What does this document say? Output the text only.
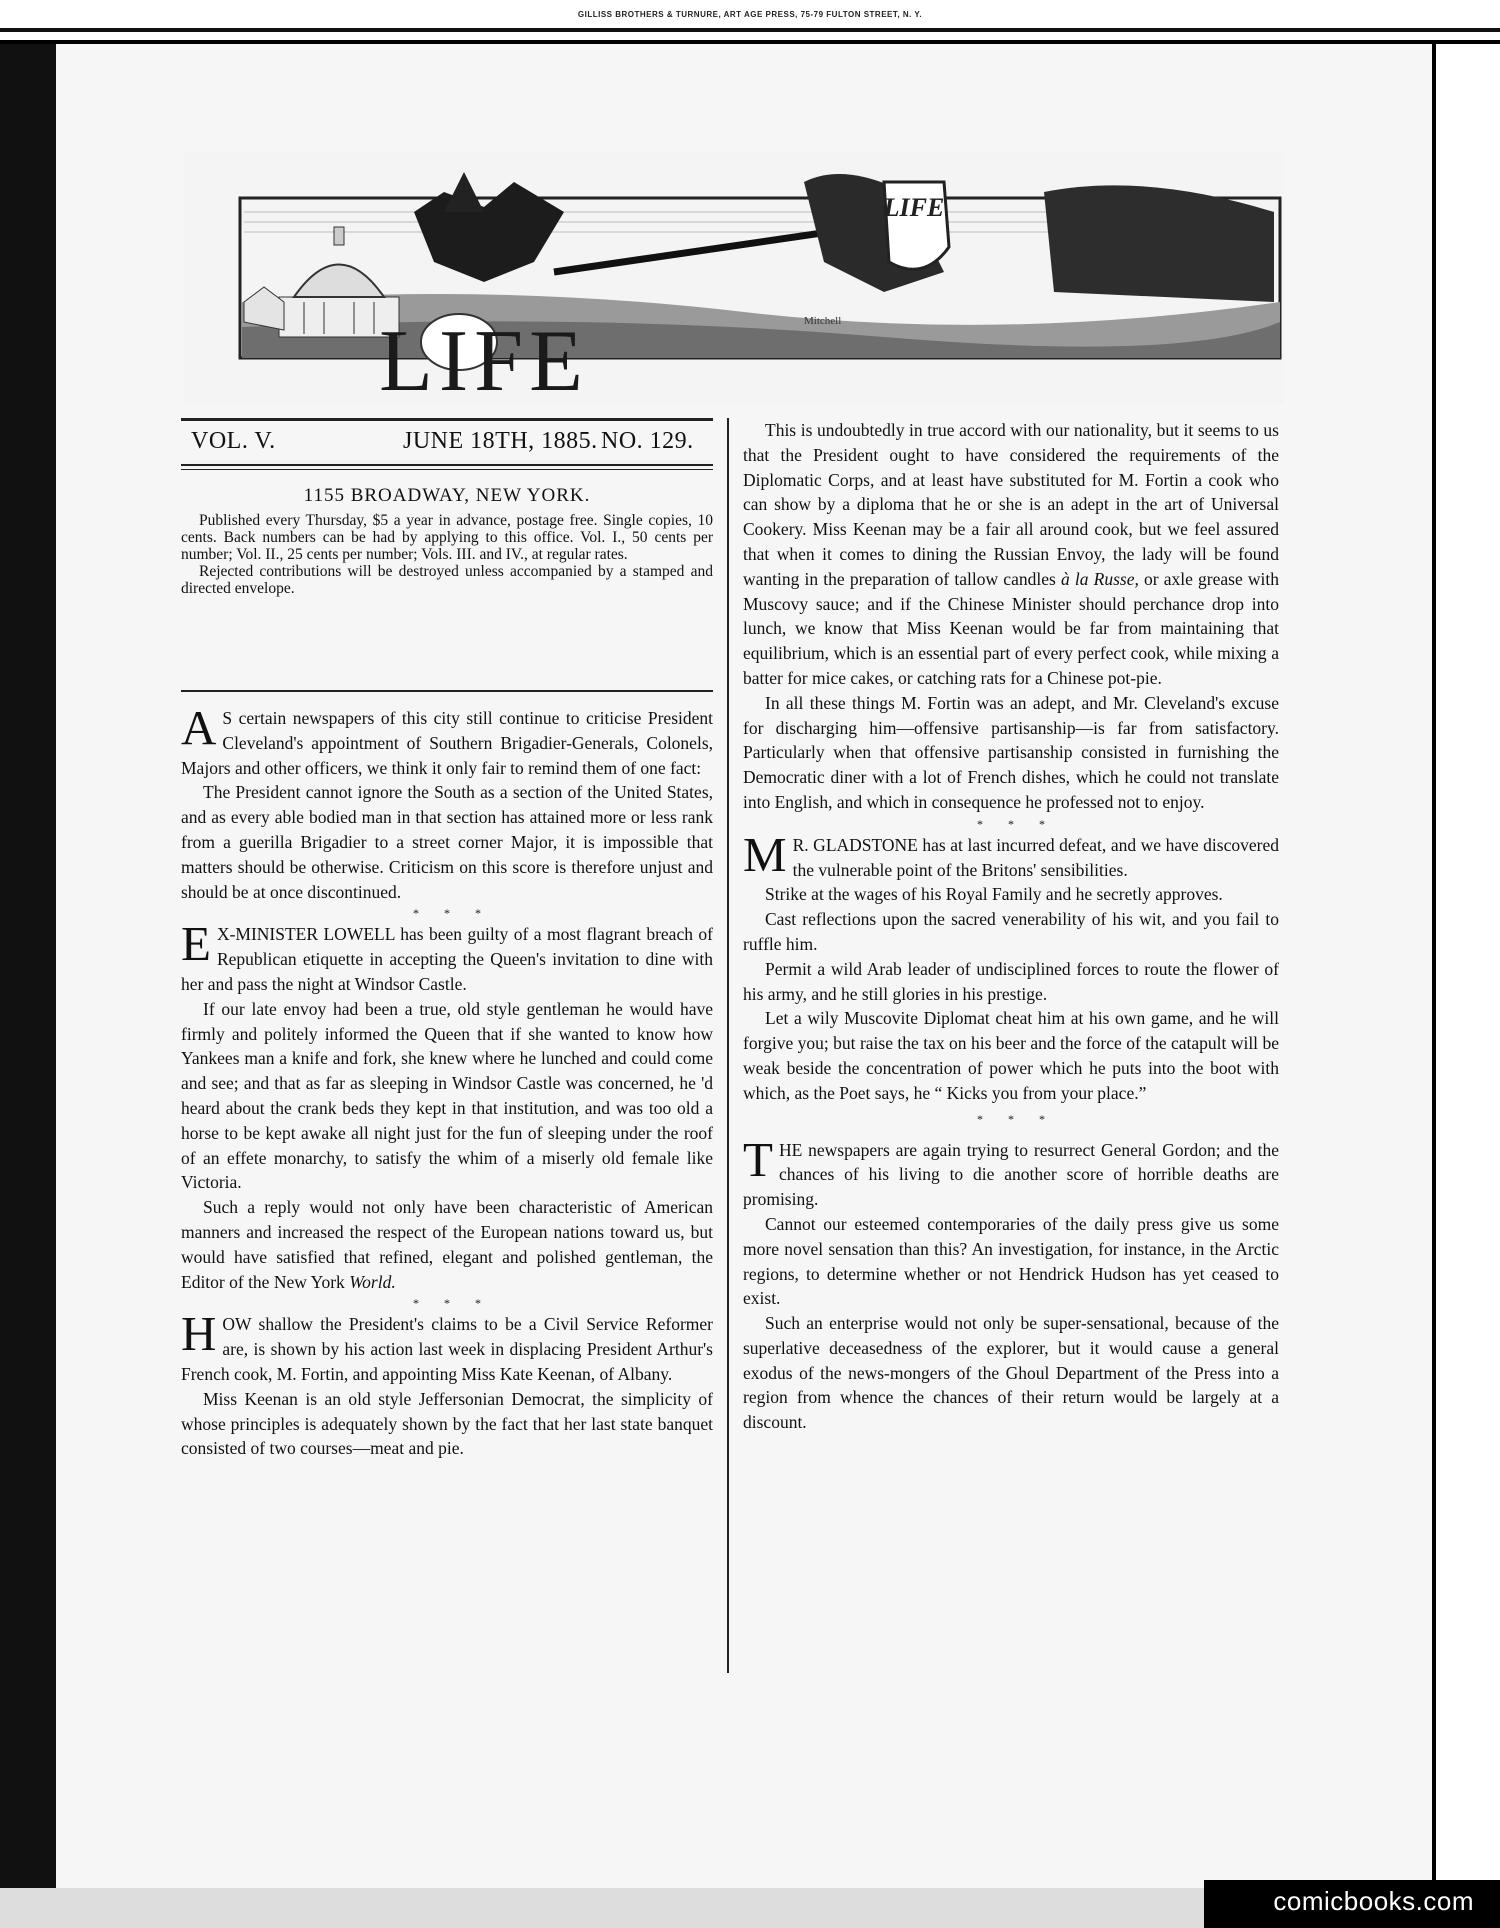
GILLISS BROTHERS & TURNURE, ART AGE PRESS, 75-79 FULTON STREET, N. Y.
LIFE
Mitchell
LIFE
VOL. V.	JUNE 18TH, 1885. NO. 129.
1155 BROADWAY, NEW YORK.

Published every Thursday, $5 a year in advance, postage free. Single copies, 10 cents. Back numbers can be had by applying to this office. Vol. I., 50 cents per number; Vol. II., 25 cents per number; Vols. III. and IV., at regular rates.

Rejected contributions will be destroyed unless accompanied by a stamped and directed envelope.

A S certain newspapers of this city still continue to criticise President Cleveland's appointment of Southern Brigadier-Generals, Colonels, Majors and other officers, we think it only fair to remind them of one fact:

The President cannot ignore the South as a section of the United States, and as every able bodied man in that section has attained more or less rank from a guerilla Brigadier to a street corner Major, it is impossible that matters should be otherwise. Criticism on this score is therefore unjust and should be at once discontinued.

* * *

E X-MINISTER LOWELL has been guilty of a most flagrant breach of Republican etiquette in accepting the Queen's invitation to dine with her and pass the night at Windsor Castle.

If our late envoy had been a true, old style gentleman he would have firmly and politely informed the Queen that if she wanted to know how Yankees man a knife and fork, she knew where he lunched and could come and see; and that as far as sleeping in Windsor Castle was concerned, he 'd heard about the crank beds they kept in that institution, and was too old a horse to be kept awake all night just for the fun of sleeping under the roof of an effete monarchy, to satisfy the whim of a miserly old female like Victoria.

Such a reply would not only have been characteristic of American manners and increased the respect of the European nations toward us, but would have satisfied that refined, elegant and polished gentleman, the Editor of the New York World.

* * *

HOW shallow the President's claims to be a Civil Service Reformer are, is shown by his action last week in displacing President Arthur's French cook, M. Fortin, and appointing Miss Kate Keenan, of Albany.

Miss Keenan is an old style Jeffersonian Democrat, the simplicity of whose principles is adequately shown by the fact that her last state banquet consisted of two courses—meat and pie.

This is undoubtedly in true accord with our nationality, but it seems to us that the President ought to have considered the requirements of the Diplomatic Corps, and at least have substituted for M. Fortin a cook who can show by a diploma that he or she is an adept in the art of Universal Cookery. Miss Keenan may be a fair all around cook, but we feel assured that when it comes to dining the Russian Envoy, the lady will be found wanting in the preparation of tallow candles à la Russe, or axle grease with Muscovy sauce; and if the Chinese Minister should perchance drop into lunch, we know that Miss Keenan would be far from maintaining that equilibrium, which is an essential part of every perfect cook, while mixing a batter for mice cakes, or catching rats for a Chinese pot-pie.

In all these things M. Fortin was an adept, and Mr. Cleveland's excuse for discharging him—offensive partisanship—is far from satisfactory. Particularly when that offensive partisanship consisted in furnishing the Democratic diner with a lot of French dishes, which he could not translate into English, and which in consequence he professed not to enjoy.

* * *

M R. GLADSTONE has at last incurred defeat, and we have discovered the vulnerable point of the Britons' sensibilities.

Strike at the wages of his Royal Family and he secretly approves.

Cast reflections upon the sacred venerability of his wit, and you fail to ruffle him.

Permit a wild Arab leader of undisciplined forces to route the flower of his army, and he still glories in his prestige.

Let a wily Muscovite Diplomat cheat him at his own game, and he will forgive you; but raise the tax on his beer and the force of the catapult will be weak beside the concentration of power which he puts into the boot with which, as the Poet says, he “ Kicks you from your place.”

* * *

THE newspapers are again trying to resurrect General Gordon; and the chances of his living to die another score of horrible deaths are promising.

Cannot our esteemed contemporaries of the daily press give us some more novel sensation than this? An investigation, for instance, in the Arctic regions, to determine whether or not Hendrick Hudson has yet ceased to exist.

Such an enterprise would not only be super-sensational, because of the superlative deceasedness of the explorer, but it would cause a general exodus of the news-mongers of the Ghoul Department of the Press into a region from whence the chances of their return would be largely at a discount.

comicbooks.com
